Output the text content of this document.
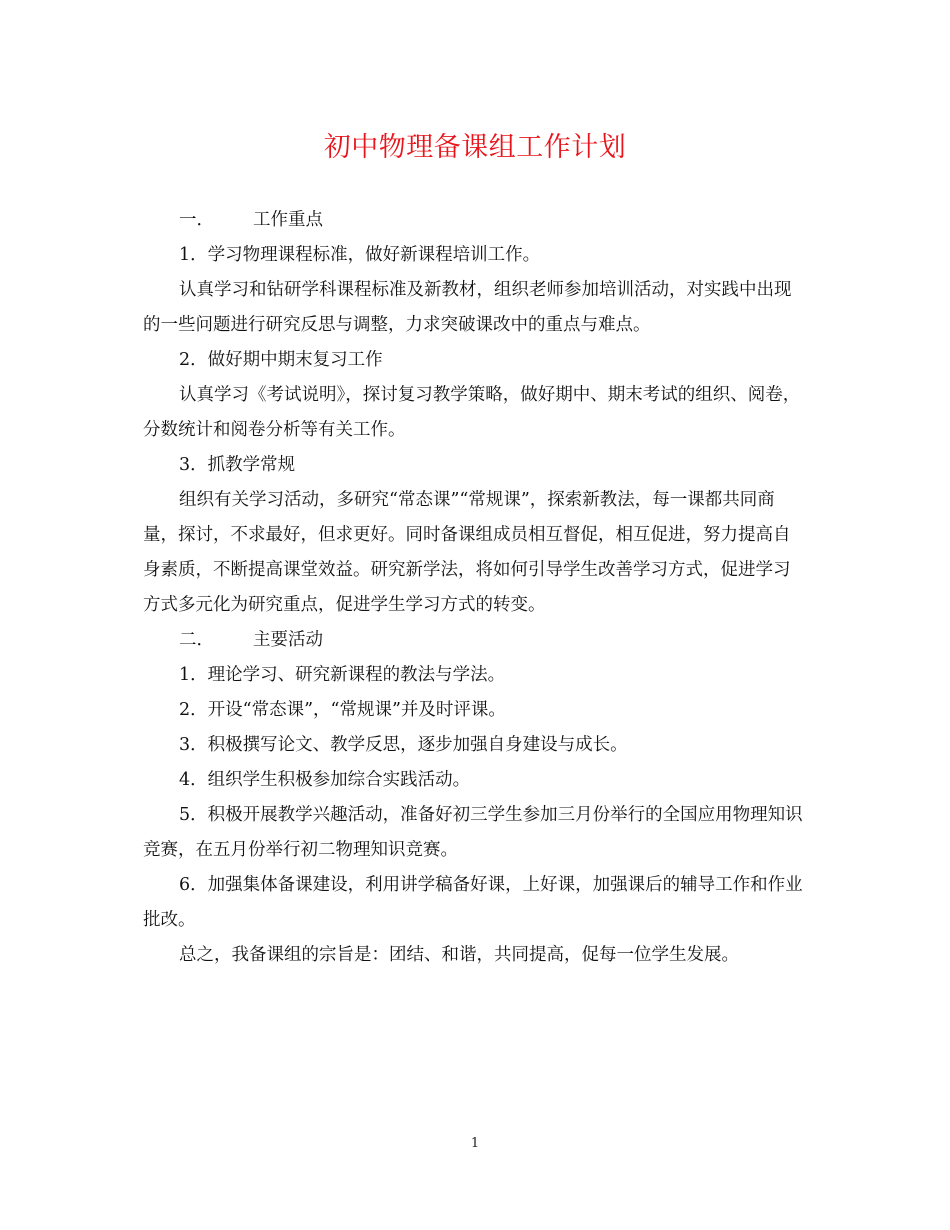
初中物理备课组工作计划
一．	工作重点

1．学习物理课程标准，做好新课程培训工作。

认真学习和钻研学科课程标准及新教材，组织老师参加培训活动，对实践中出现的一些问题进行研究反思与调整，力求突破课改中的重点与难点。

2．做好期中期末复习工作

认真学习《考试说明》，探讨复习教学策略，做好期中、期末考试的组织、阅卷，分数统计和阅卷分析等有关工作。

3．抓教学常规

组织有关学习活动，多研究“常态课”“常规课”，探索新教法，每一课都共同商量，探讨，不求最好，但求更好。同时备课组成员相互督促，相互促进，努力提高自身素质，不断提高课堂效益。研究新学法，将如何引导学生改善学习方式，促进学习方式多元化为研究重点，促进学生学习方式的转变。

二．	主要活动

1．理论学习、研究新课程的教法与学法。

2．开设“常态课”，“常规课”并及时评课。

3．积极撰写论文、教学反思，逐步加强自身建设与成长。

4．组织学生积极参加综合实践活动。

5．积极开展教学兴趣活动，准备好初三学生参加三月份举行的全国应用物理知识竞赛，在五月份举行初二物理知识竞赛。

6．加强集体备课建设，利用讲学稿备好课，上好课，加强课后的辅导工作和作业批改。

总之，我备课组的宗旨是：团结、和谐，共同提高，促每一位学生发展。

1
